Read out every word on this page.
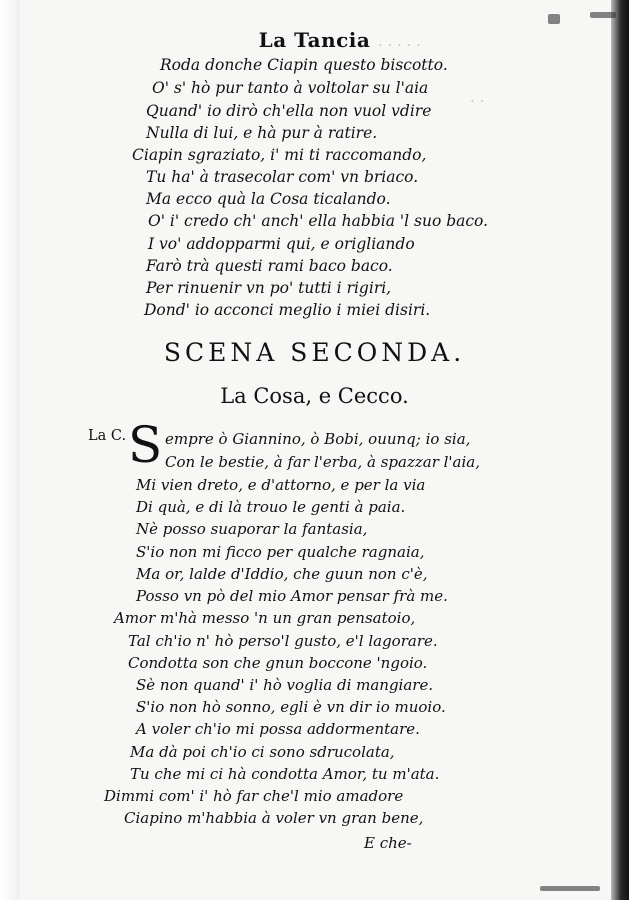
· · · · ·
· ·
La Tancia
Roda donche Ciapin questo biscotto.
O' s' hò pur tanto à voltolar su l'aia
Quand' io dirò ch'ella non vuol vdire
Nulla di lui, e hà pur à ratire.
Ciapin sgraziato, i' mi ti raccomando,
Tu ha' à trasecolar com' vn briaco.
Ma ecco quà la Cosa ticalando.
O' i' credo ch' anch' ella habbia 'l suo baco.
I vo' addopparmi qui, e origliando
Farò trà questi rami baco baco.
Per rinuenir vn po' tutti i rigiri,
Dond' io acconci meglio i miei disiri.
SCENA SECONDA.
La Cosa, e Cecco.
La C. S empre ò Giannino, ò Bobi, ouunq; io sia,
Con le bestie, à far l'erba, à spazzar l'aia,
Mi vien dreto, e d'attorno, e per la via
Di quà, e di là trouo le genti à paia.
Nè posso suaporar la fantasia,
S'io non mi ficco per qualche ragnaia,
Ma or, lalde d'Iddio, che guun non c'è,
Posso vn pò del mio Amor pensar frà me.
Amor m'hà messo 'n un gran pensatoio,
Tal ch'io n' hò perso'l gusto, e'l lagorare.
Condotta son che gnun boccone 'ngoio.
Sè non quand' i' hò voglia di mangiare.
S'io non hò sonno, egli è vn dir io muoio.
A voler ch'io mi possa addormentare.
Ma dà poi ch'io ci sono sdrucolata,
Tu che mi ci hà condotta Amor, tu m'ata.
Dimmi com' i' hò far che'l mio amadore
Ciapino m'habbia à voler vn gran bene,
E che-
